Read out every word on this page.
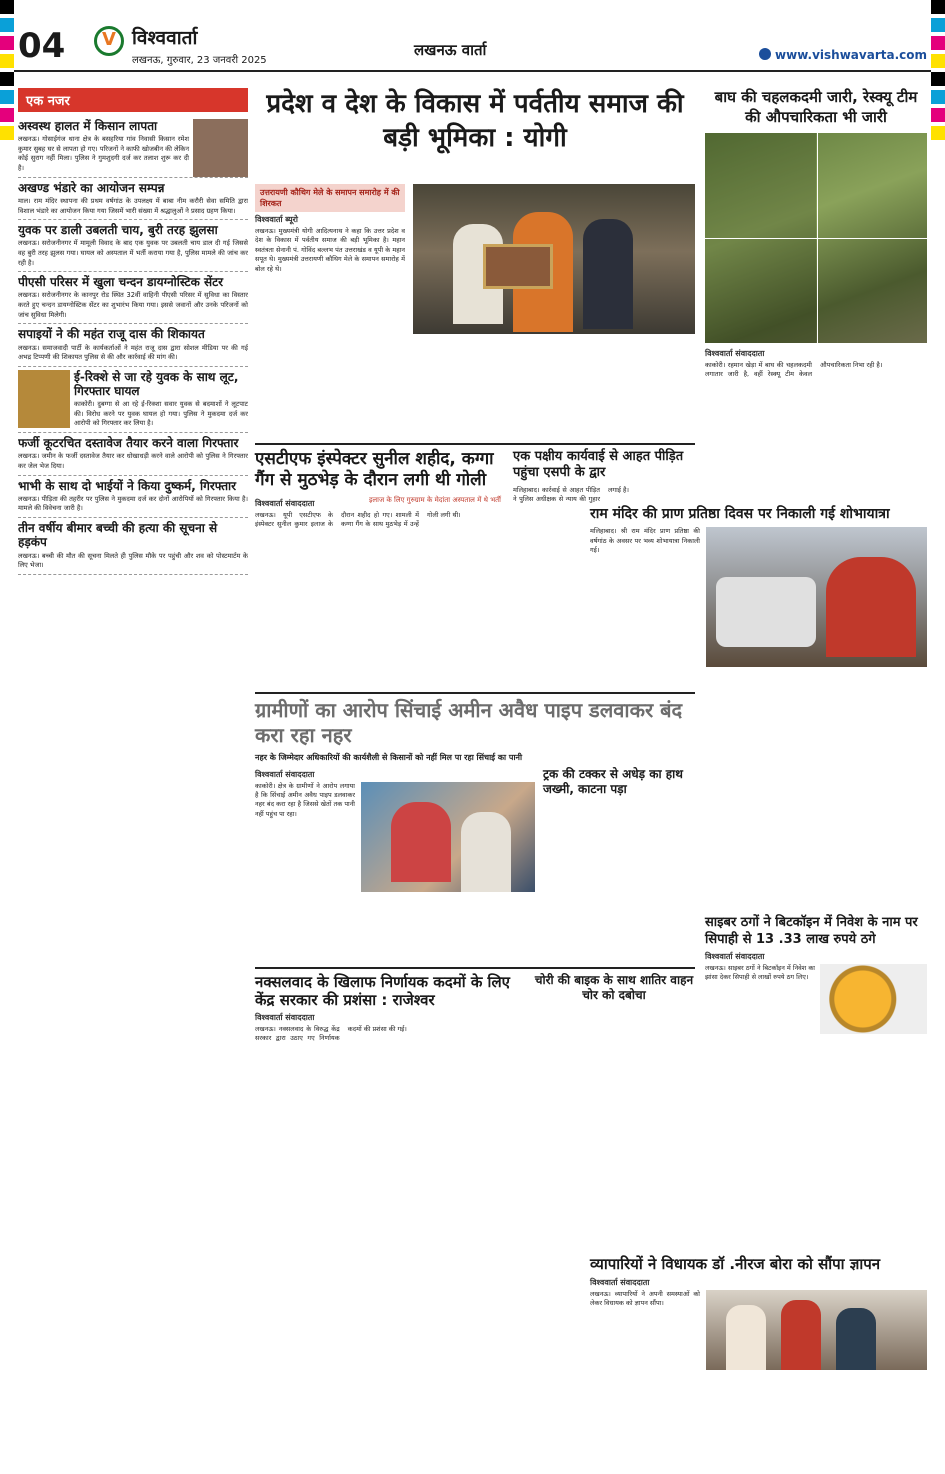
04 V	विश्ववार्ता
लखनऊ, गुरुवार, 23 जनवरी 2025
लखनऊ वार्ता	www.vishwavarta.com
एक नजर
अस्वस्थ हालत में किसान लापता

लखनऊ। गोसाईगंज थाना क्षेत्र के बसहरिया गांव निवासी किसान रमेश कुमार सुबह घर से लापता हो गए। परिजनों ने काफी खोजबीन की लेकिन कोई सुराग नहीं मिला। पुलिस ने गुमशुदगी दर्ज कर तलाश शुरू कर दी है।

अखण्ड भंडारे का आयोजन सम्पन्न

माल। राम मंदिर स्थापना की प्रथम वर्षगांठ के उपलक्ष्य में बाबा नीम करौरी सेवा समिति द्वारा विशाल भंडारे का आयोजन किया गया जिसमें भारी संख्या में श्रद्धालुओं ने प्रसाद ग्रहण किया।

युवक पर डाली उबलती चाय, बुरी तरह झुलसा

लखनऊ। सरोजनीनगर में मामूली विवाद के बाद एक युवक पर उबलती चाय डाल दी गई जिससे वह बुरी तरह झुलस गया। घायल को अस्पताल में भर्ती कराया गया है, पुलिस मामले की जांच कर रही है।

पीएसी परिसर में खुला चन्दन डायग्नोस्टिक सेंटर

लखनऊ। सरोजनीनगर के कानपुर रोड स्थित 32वीं वाहिनी पीएसी परिसर में सुविधा का विस्तार करते हुए चन्दन डायग्नोस्टिक सेंटर का शुभारंभ किया गया। इससे जवानों और उनके परिजनों को जांच सुविधा मिलेगी।

सपाइयों ने की महंत राजू दास की शिकायत

लखनऊ। समाजवादी पार्टी के कार्यकर्ताओं ने महंत राजू दास द्वारा सोशल मीडिया पर की गई अभद्र टिप्पणी की शिकायत पुलिस से की और कार्रवाई की मांग की।

ई-रिक्शे से जा रहे युवक के साथ लूट, गिरफ्तार घायल

काकोरी। दुबग्गा से आ रहे ई-रिक्शा सवार युवक से बदमाशों ने लूटपाट की। विरोध करने पर युवक घायल हो गया। पुलिस ने मुकदमा दर्ज कर आरोपी को गिरफ्तार कर लिया है।

फर्जी कूटरचित दस्तावेज तैयार करने वाला गिरफ्तार

लखनऊ। जमीन के फर्जी दस्तावेज तैयार कर धोखाधड़ी करने वाले आरोपी को पुलिस ने गिरफ्तार कर जेल भेज दिया।

भाभी के साथ दो भाईयों ने किया दुष्कर्म, गिरफ्तार

लखनऊ। पीड़िता की तहरीर पर पुलिस ने मुकदमा दर्ज कर दोनों आरोपियों को गिरफ्तार किया है। मामले की विवेचना जारी है।

तीन वर्षीय बीमार बच्ची की हत्या की सूचना से हड़कंप

लखनऊ। बच्ची की मौत की सूचना मिलते ही पुलिस मौके पर पहुंची और शव को पोस्टमार्टम के लिए भेजा।

प्रदेश व देश के विकास में पर्वतीय समाज की बड़ी भूमिका : योगी
उत्तरायणी कौथिग मेले के समापन समारोह में की शिरकत
विश्ववार्ता ब्यूरो
लखनऊ। मुख्यमंत्री योगी आदित्यनाथ ने कहा कि उत्तर प्रदेश व देश के विकास में पर्वतीय समाज की बड़ी भूमिका है। महान स्वतंत्रता सेनानी पं. गोविंद बल्लभ पंत उत्तराखंड व यूपी के महान सपूत थे। मुख्यमंत्री उत्तरायणी कौथिग मेले के समापन समारोह में बोल रहे थे।
एसटीएफ इंस्पेक्टर सुनील शहीद, कग्गा गैंग से मुठभेड़ के दौरान लगी थी गोली
विश्ववार्ता संवाददाता	इलाज के लिए गुरुग्राम के मेदांता अस्पताल में थे भर्ती
लखनऊ। यूपी एसटीएफ के इंस्पेक्टर सुनील कुमार इलाज के दौरान शहीद हो गए। शामली में कग्गा गैंग के साथ मुठभेड़ में उन्हें गोली लगी थी।
एक पक्षीय कार्यवाई से आहत पीड़ित पहुंचा एसपी के द्वार
मलिहाबाद। कार्रवाई से आहत पीड़ित ने पुलिस अधीक्षक से न्याय की गुहार लगाई है।
ग्रामीणों का आरोप सिंचाई अमीन अवैध पाइप डलवाकर बंद करा रहा नहर
नहर के जिम्मेदार अधिकारियों की कार्यशैली से किसानों को नहीं मिल पा रहा सिंचाई का पानी
विश्ववार्ता संवाददाता
काकोरी। क्षेत्र के ग्रामीणों ने आरोप लगाया है कि सिंचाई अमीन अवैध पाइप डलवाकर नहर बंद करा रहा है जिससे खेतों तक पानी नहीं पहुंच पा रहा।
ट्रक की टक्कर से अधेड़ का हाथ जख्मी, काटना पड़ा
नक्सलवाद के खिलाफ निर्णायक कदमों के लिए केंद्र सरकार की प्रशंसा : राजेश्वर
विश्ववार्ता संवाददाता
लखनऊ। नक्सलवाद के विरुद्ध केंद्र सरकार द्वारा उठाए गए निर्णायक कदमों की प्रशंसा की गई।
चोरी की बाइक के साथ शातिर वाहन चोर को दबोचा
बाघ की चहलकदमी जारी, रेस्क्यू टीम की औपचारिकता भी जारी
विश्ववार्ता संवाददाता
काकोरी। रहमान खेड़ा में बाघ की चहलकदमी लगातार जारी है, वहीं रेस्क्यू टीम केवल औपचारिकता निभा रही है।
राम मंदिर की प्राण प्रतिष्ठा दिवस पर निकाली गई शोभायात्रा
मलिहाबाद। श्री राम मंदिर प्राण प्रतिष्ठा की वर्षगांठ के अवसर पर भव्य शोभायात्रा निकाली गई।
साइबर ठगों ने बिटकॉइन में निवेश के नाम पर सिपाही से 13 .33 लाख रुपये ठगे
विश्ववार्ता संवाददाता
लखनऊ। साइबर ठगों ने बिटकॉइन में निवेश का झांसा देकर सिपाही से लाखों रुपये ठग लिए।
व्यापारियों ने विधायक डॉ .नीरज बोरा को सौंपा ज्ञापन
विश्ववार्ता संवाददाता
लखनऊ। व्यापारियों ने अपनी समस्याओं को लेकर विधायक को ज्ञापन सौंपा।
